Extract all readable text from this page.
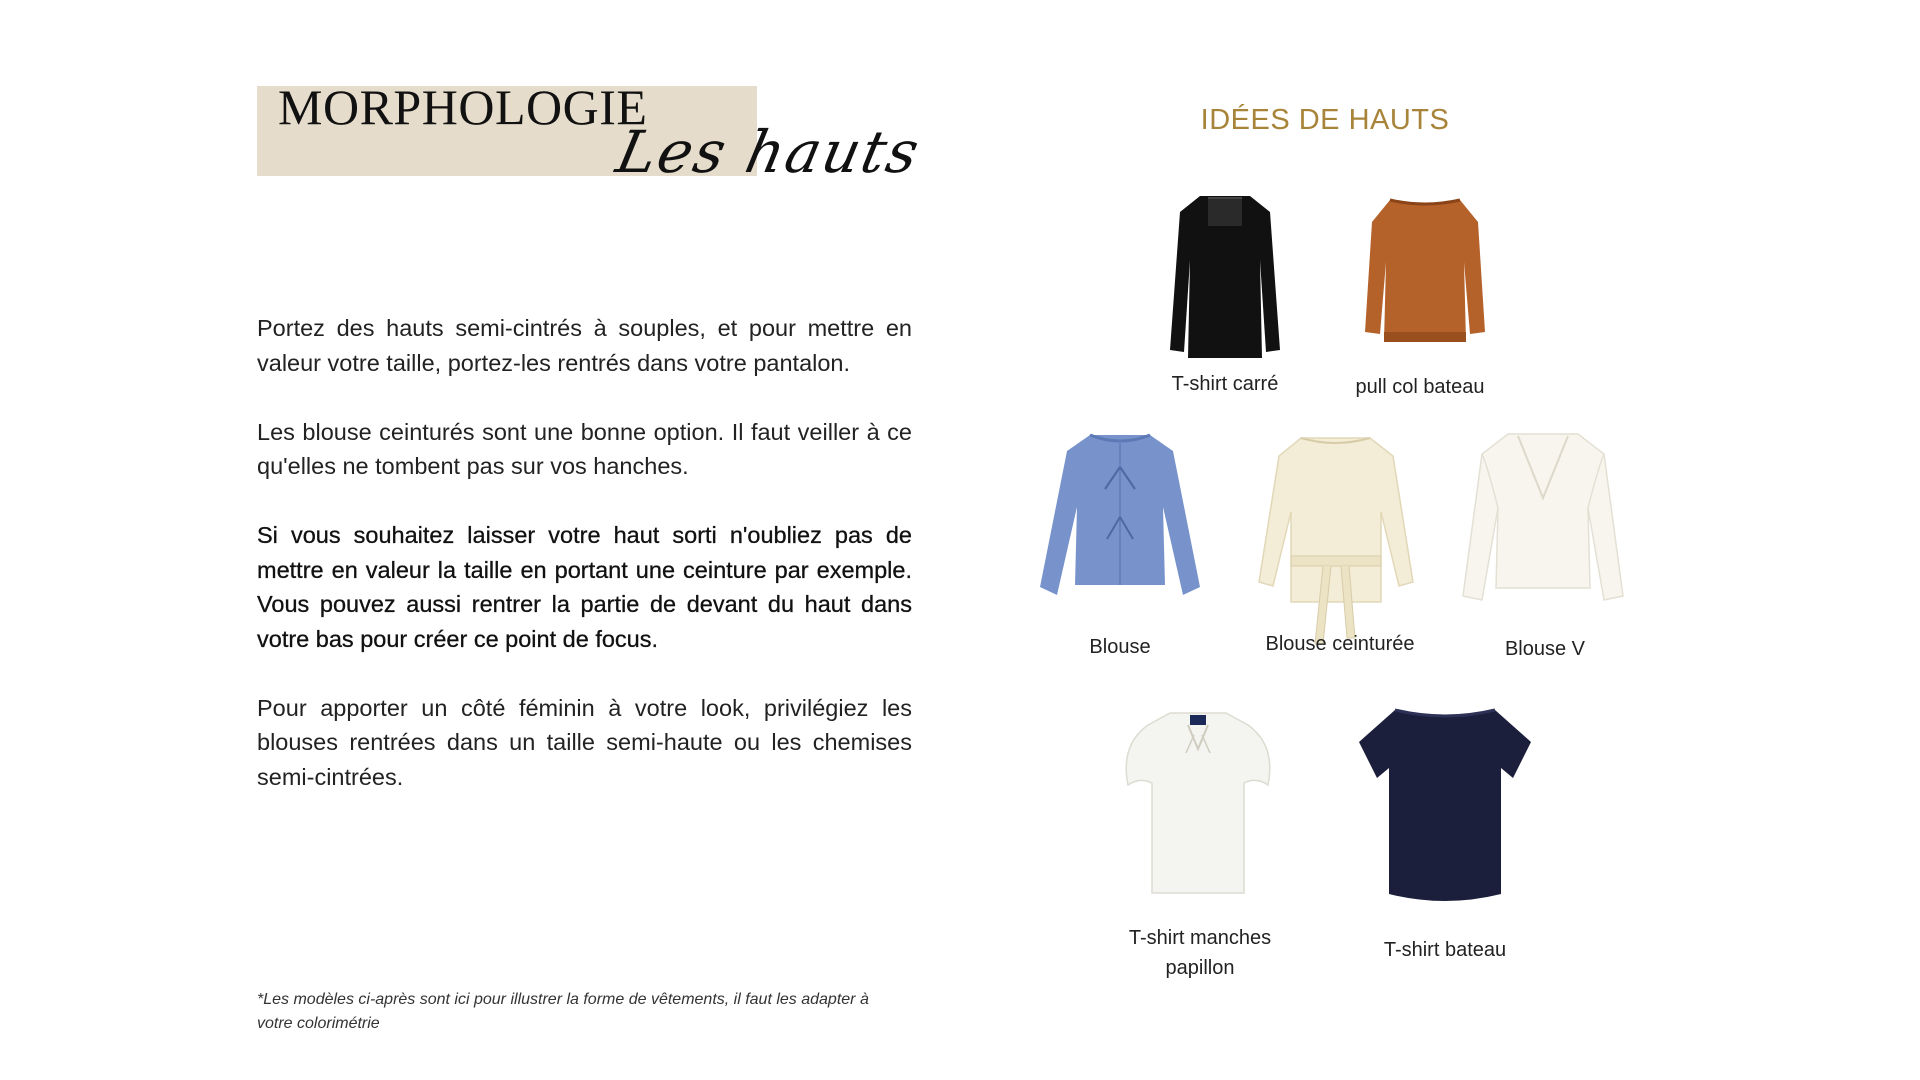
MORPHOLOGIE
Les hauts

Portez des hauts semi-cintrés à souples, et pour mettre en valeur votre taille, portez-les rentrés dans votre pantalon.

Les blouse ceinturés sont une bonne option. Il faut veiller à ce qu'elles ne tombent pas sur vos hanches.

Si vous souhaitez laisser votre haut sorti n'oubliez pas de mettre en valeur la taille en portant une ceinture par exemple. Vous pouvez aussi rentrer la partie de devant du haut dans votre bas pour créer ce point de focus.

Pour apporter un côté féminin à votre look, privilégiez les blouses rentrées dans un taille semi-haute ou les chemises semi-cintrées.

*Les modèles ci-après sont ici pour illustrer la forme de vêtements, il faut les adapter à votre colorimétrie
IDÉES DE HAUTS
T-shirt carré	pull col bateau
Blouse	Blouse ceinturée	Blouse V
T-shirt manches papillon
T-shirt bateau
